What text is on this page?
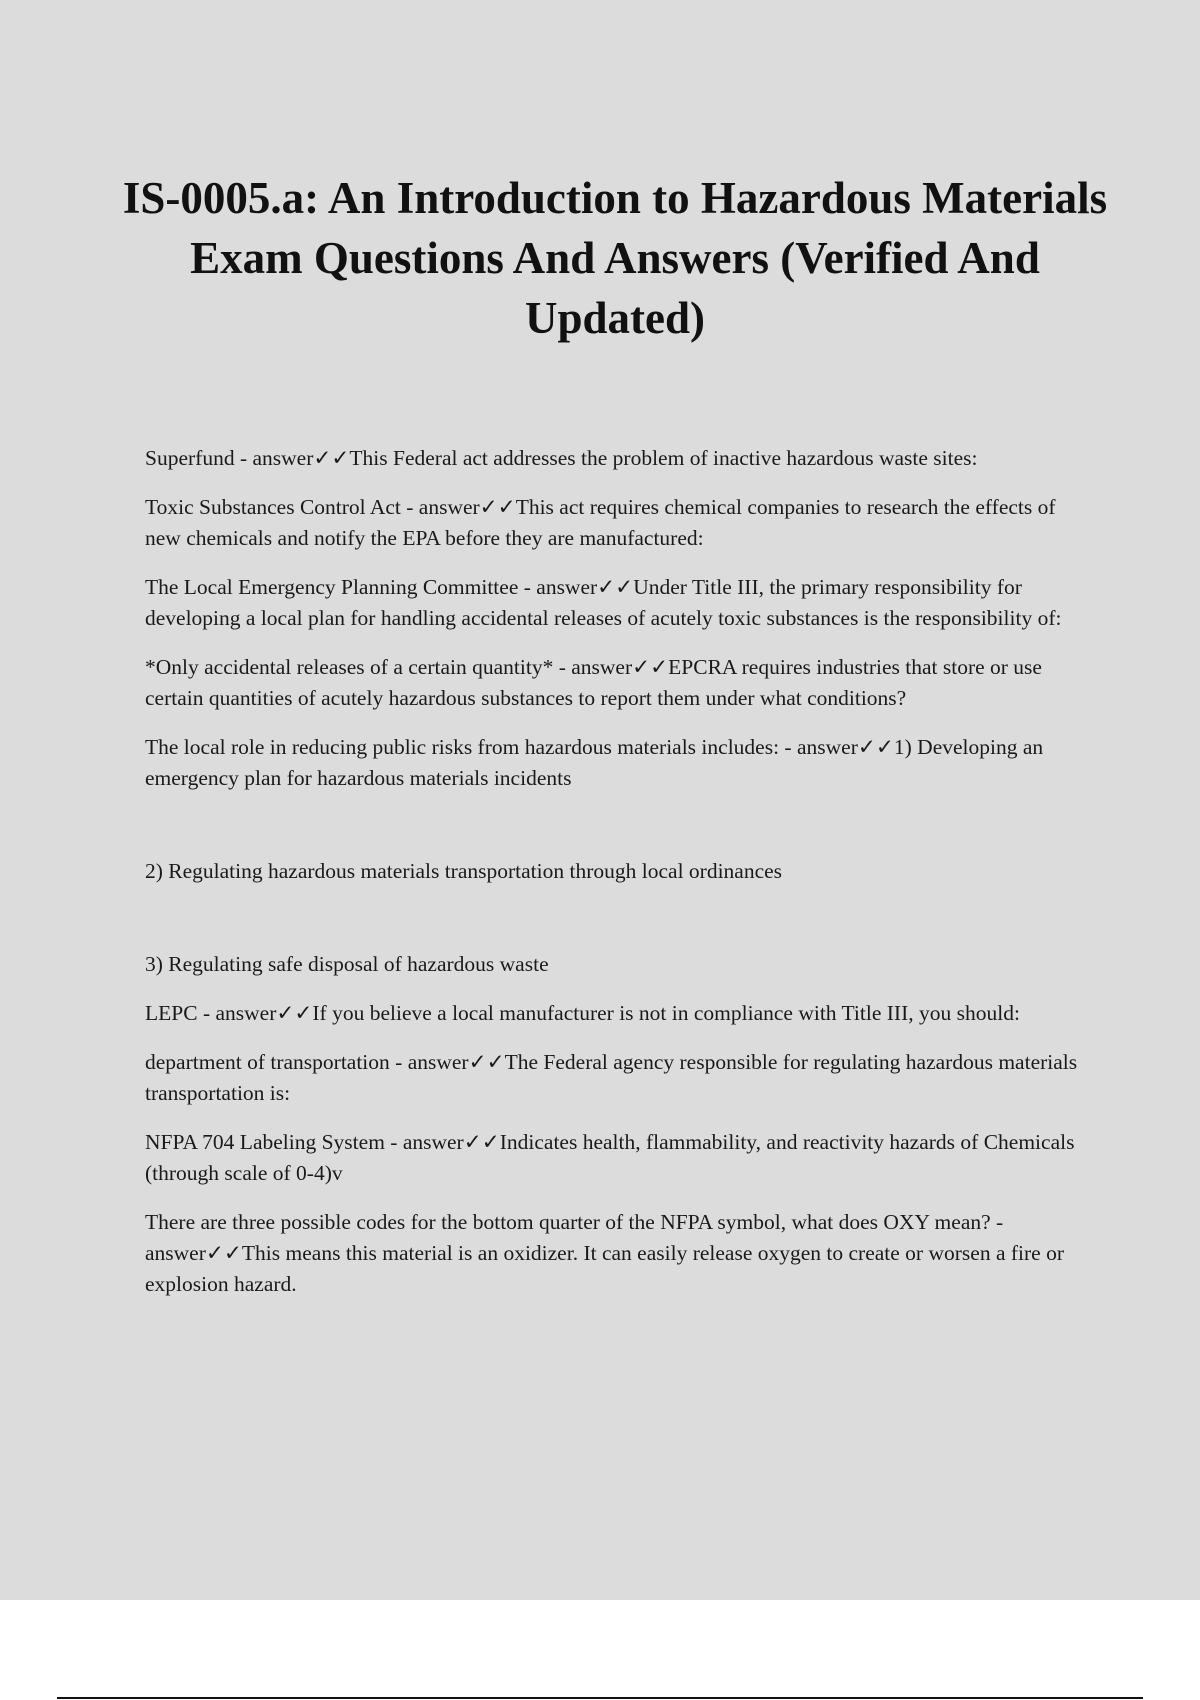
IS-0005.a: An Introduction to Hazardous Materials Exam Questions And Answers (Verified And Updated)

Superfund - answer✓✓This Federal act addresses the problem of inactive hazardous waste sites:

Toxic Substances Control Act - answer✓✓This act requires chemical companies to research the effects of new chemicals and notify the EPA before they are manufactured:

The Local Emergency Planning Committee - answer✓✓Under Title III, the primary responsibility for developing a local plan for handling accidental releases of acutely toxic substances is the responsibility of:

*Only accidental releases of a certain quantity* - answer✓✓EPCRA requires industries that store or use certain quantities of acutely hazardous substances to report them under what conditions?

The local role in reducing public risks from hazardous materials includes: - answer✓✓1) Developing an emergency plan for hazardous materials incidents

2) Regulating hazardous materials transportation through local ordinances

3) Regulating safe disposal of hazardous waste

LEPC - answer✓✓If you believe a local manufacturer is not in compliance with Title III, you should:

department of transportation - answer✓✓The Federal agency responsible for regulating hazardous materials transportation is:

NFPA 704 Labeling System - answer✓✓Indicates health, flammability, and reactivity hazards of Chemicals (through scale of 0-4)v

There are three possible codes for the bottom quarter of the NFPA symbol, what does OXY mean? - answer✓✓This means this material is an oxidizer. It can easily release oxygen to create or worsen a fire or explosion hazard.
